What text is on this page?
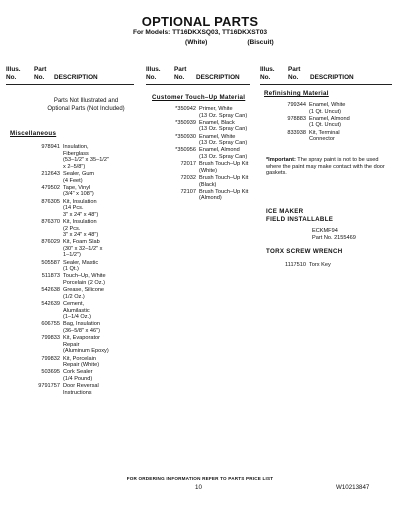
OPTIONAL PARTS
For Models: TT16DKXSQ03, TT16DKXST03
(White)	(Biscuit)
Illus.
No.
Part
No.	DESCRIPTION
Illus.
No.
Part
No.	DESCRIPTION
Illus.
No.
Part
No.	DESCRIPTION
Parts Not Illustrated and
Optional Parts (Not Included)
Miscellaneous
978941 Insulation,
Fiberglass
(53–1/2" x 35–1/2"
x 2–5/8")
212643 Sealer, Gum
(4 Feet)
479502 Tape, Vinyl
(3/4" x 108")
876305 Kit, Insulation
(14 Pcs.
3" x 24" x 48")
876370 Kit, Insulation
(2 Pcs.
3" x 24" x 48")
876029 Kit, Foam Slab
(30" x 32–1/2" x
1–1/2")
505587 Sealer, Mastic
(1 Qt.)
511873 Touch–Up, White
Porcelain (2 Oz.)
542638 Grease, Silicone
(1/2 Oz.)
542639 Cement,
Alumilastic
(1–1/4 Oz.)
606755 Bag, Insulation
(36–5/8" x 46")
799833 Kit, Evaporator
Repair
(Aluminum Epoxy)
799832 Kit, Porcelain
Repair (White)
503695 Cork Sealer
(1/4 Pound)
9791757 Door Reversal
Instructions
Customer Touch–Up Material
*350942 Primer, White
(13 Oz. Spray Can)
*350939 Enamel, Black
(13 Oz. Spray Can)
*350930 Enamel, White
(13 Oz. Spray Can)
*350956 Enamel, Almond
(13 Oz. Spray Can)
72017 Brush Touch–Up Kit
(White)
72032 Brush Touch–Up Kit
(Black)
72107 Brush Touch–Up Kit
(Almond)
Refinishing Material
799344 Enamel, White
(1 Qt. Uncut)
978883 Enamel, Almond
(1 Qt. Uncut)
833938 Kit, Terminal
Connector
*Important: The spray paint is not to be used where the paint may make contact with the door gaskets.
ICE MAKER
FIELD INSTALLABLE
ECKMF94
Part No. 2155469
TORX SCREW WRENCH
1117510 Torx Key
FOR ORDERING INFORMATION REFER TO PARTS PRICE LIST
10	W10213847
